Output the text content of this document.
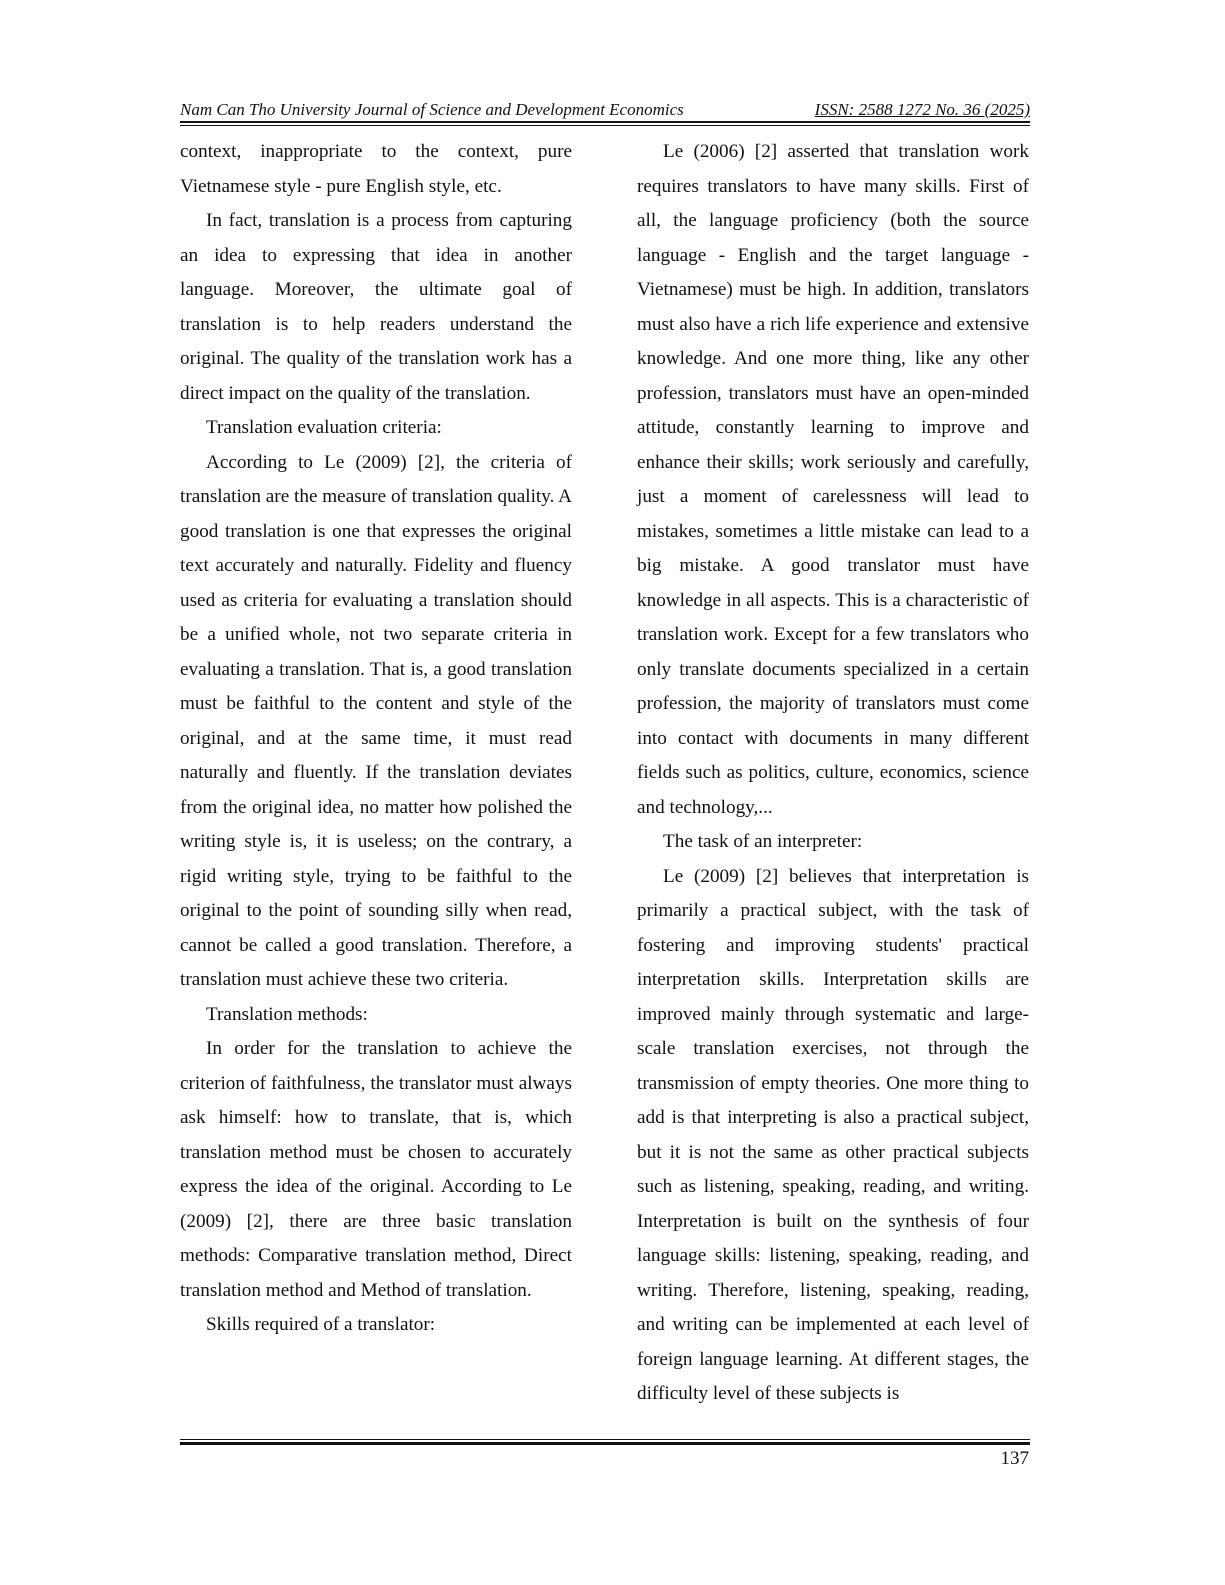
Nam Can Tho University Journal of Science and Development Economics	ISSN: 2588 1272 No. 36 (2025)

context, inappropriate to the context, pure Vietnamese style - pure English style, etc.

In fact, translation is a process from capturing an idea to expressing that idea in another language. Moreover, the ultimate goal of translation is to help readers understand the original. The quality of the translation work has a direct impact on the quality of the translation.

Translation evaluation criteria:

According to Le (2009) [2], the criteria of translation are the measure of translation quality. A good translation is one that expresses the original text accurately and naturally. Fidelity and fluency used as criteria for evaluating a translation should be a unified whole, not two separate criteria in evaluating a translation. That is, a good translation must be faithful to the content and style of the original, and at the same time, it must read naturally and fluently. If the translation deviates from the original idea, no matter how polished the writing style is, it is useless; on the contrary, a rigid writing style, trying to be faithful to the original to the point of sounding silly when read, cannot be called a good translation. Therefore, a translation must achieve these two criteria.

Translation methods:

In order for the translation to achieve the criterion of faithfulness, the translator must always ask himself: how to translate, that is, which translation method must be chosen to accurately express the idea of the original. According to Le (2009) [2], there are three basic translation methods: Comparative translation method, Direct translation method and Method of translation.

Skills required of a translator:

Le (2006) [2] asserted that translation work requires translators to have many skills. First of all, the language proficiency (both the source language - English and the target language - Vietnamese) must be high. In addition, translators must also have a rich life experience and extensive knowledge. And one more thing, like any other profession, translators must have an open-minded attitude, constantly learning to improve and enhance their skills; work seriously and carefully, just a moment of carelessness will lead to mistakes, sometimes a little mistake can lead to a big mistake. A good translator must have knowledge in all aspects. This is a characteristic of translation work. Except for a few translators who only translate documents specialized in a certain profession, the majority of translators must come into contact with documents in many different fields such as politics, culture, economics, science and technology,...

The task of an interpreter:

Le (2009) [2] believes that interpretation is primarily a practical subject, with the task of fostering and improving students' practical interpretation skills. Interpretation skills are improved mainly through systematic and large-scale translation exercises, not through the transmission of empty theories. One more thing to add is that interpreting is also a practical subject, but it is not the same as other practical subjects such as listening, speaking, reading, and writing. Interpretation is built on the synthesis of four language skills: listening, speaking, reading, and writing. Therefore, listening, speaking, reading, and writing can be implemented at each level of foreign language learning. At different stages, the difficulty level of these subjects is

137
